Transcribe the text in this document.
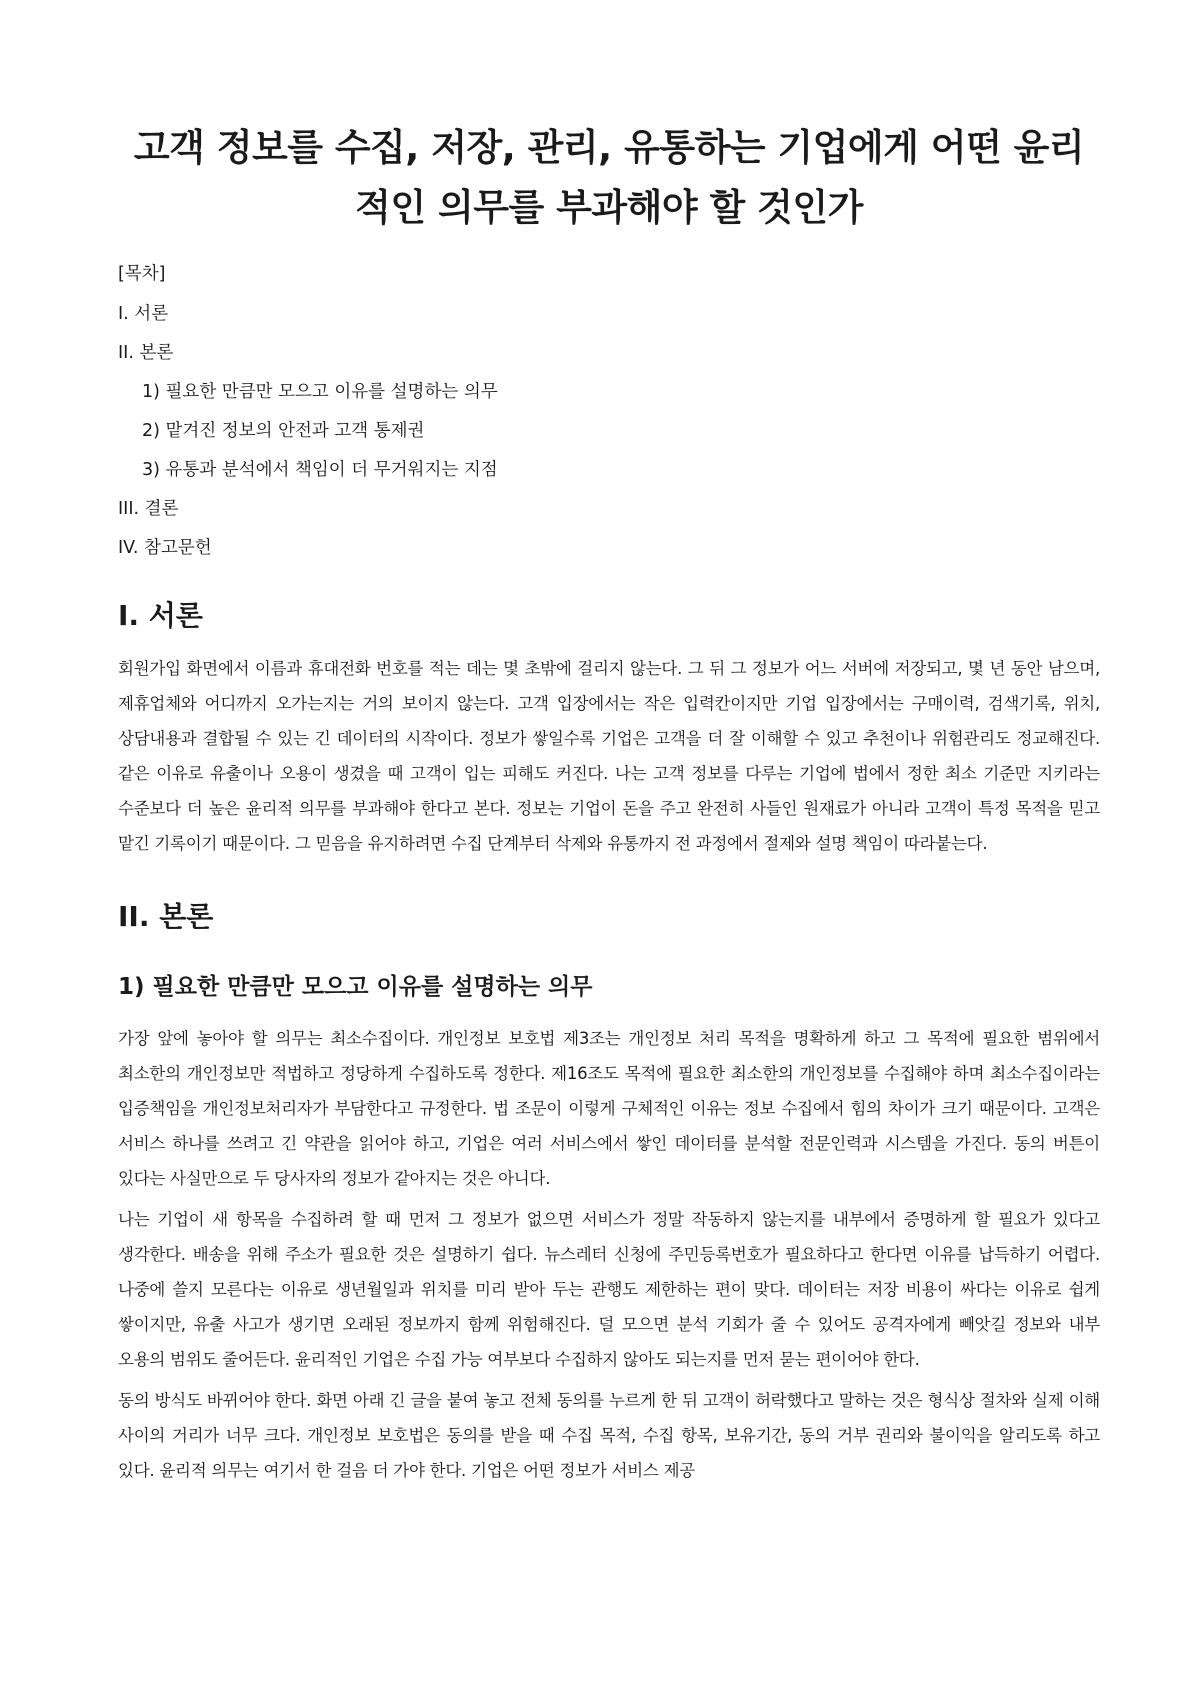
고객 정보를 수집, 저장, 관리, 유통하는 기업에게 어떤 윤리적인 의무를 부과해야 할 것인가

[목차]

I. 서론
II. 본론
1) 필요한 만큼만 모으고 이유를 설명하는 의무
2) 맡겨진 정보의 안전과 고객 통제권
3) 유통과 분석에서 책임이 더 무거워지는 지점
III. 결론
IV. 참고문헌
I. 서론

회원가입 화면에서 이름과 휴대전화 번호를 적는 데는 몇 초밖에 걸리지 않는다. 그 뒤 그 정보가 어느 서버에 저장되고, 몇 년 동안 남으며, 제휴업체와 어디까지 오가는지는 거의 보이지 않는다. 고객 입장에서는 작은 입력칸이지만 기업 입장에서는 구매이력, 검색기록, 위치, 상담내용과 결합될 수 있는 긴 데이터의 시작이다. 정보가 쌓일수록 기업은 고객을 더 잘 이해할 수 있고 추천이나 위험관리도 정교해진다. 같은 이유로 유출이나 오용이 생겼을 때 고객이 입는 피해도 커진다. 나는 고객 정보를 다루는 기업에 법에서 정한 최소 기준만 지키라는 수준보다 더 높은 윤리적 의무를 부과해야 한다고 본다. 정보는 기업이 돈을 주고 완전히 사들인 원재료가 아니라 고객이 특정 목적을 믿고 맡긴 기록이기 때문이다. 그 믿음을 유지하려면 수집 단계부터 삭제와 유통까지 전 과정에서 절제와 설명 책임이 따라붙는다.

II. 본론
1) 필요한 만큼만 모으고 이유를 설명하는 의무

가장 앞에 놓아야 할 의무는 최소수집이다. 개인정보 보호법 제3조는 개인정보 처리 목적을 명확하게 하고 그 목적에 필요한 범위에서 최소한의 개인정보만 적법하고 정당하게 수집하도록 정한다. 제16조도 목적에 필요한 최소한의 개인정보를 수집해야 하며 최소수집이라는 입증책임을 개인정보처리자가 부담한다고 규정한다. 법 조문이 이렇게 구체적인 이유는 정보 수집에서 힘의 차이가 크기 때문이다. 고객은 서비스 하나를 쓰려고 긴 약관을 읽어야 하고, 기업은 여러 서비스에서 쌓인 데이터를 분석할 전문인력과 시스템을 가진다. 동의 버튼이 있다는 사실만으로 두 당사자의 정보가 같아지는 것은 아니다.

나는 기업이 새 항목을 수집하려 할 때 먼저 그 정보가 없으면 서비스가 정말 작동하지 않는지를 내부에서 증명하게 할 필요가 있다고 생각한다. 배송을 위해 주소가 필요한 것은 설명하기 쉽다. 뉴스레터 신청에 주민등록번호가 필요하다고 한다면 이유를 납득하기 어렵다. 나중에 쓸지 모른다는 이유로 생년월일과 위치를 미리 받아 두는 관행도 제한하는 편이 맞다. 데이터는 저장 비용이 싸다는 이유로 쉽게 쌓이지만, 유출 사고가 생기면 오래된 정보까지 함께 위험해진다. 덜 모으면 분석 기회가 줄 수 있어도 공격자에게 빼앗길 정보와 내부 오용의 범위도 줄어든다. 윤리적인 기업은 수집 가능 여부보다 수집하지 않아도 되는지를 먼저 묻는 편이어야 한다.

동의 방식도 바뀌어야 한다. 화면 아래 긴 글을 붙여 놓고 전체 동의를 누르게 한 뒤 고객이 허락했다고 말하는 것은 형식상 절차와 실제 이해 사이의 거리가 너무 크다. 개인정보 보호법은 동의를 받을 때 수집 목적, 수집 항목, 보유기간, 동의 거부 권리와 불이익을 알리도록 하고 있다. 윤리적 의무는 여기서 한 걸음 더 가야 한다. 기업은 어떤 정보가 서비스 제공
